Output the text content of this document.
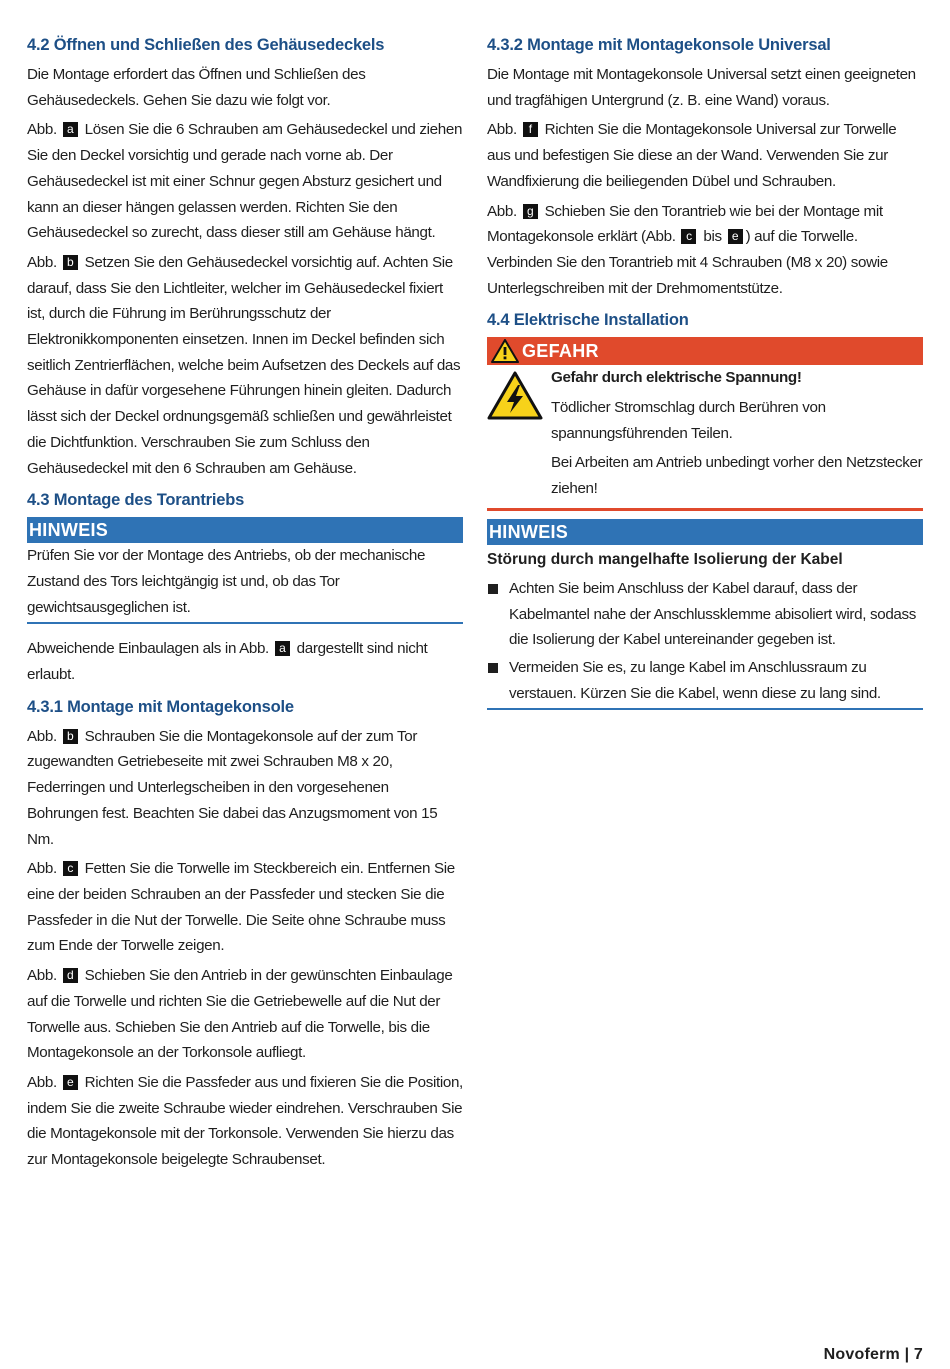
4.2 Öffnen und Schließen des Gehäusedeckels
Die Montage erfordert das Öffnen und Schließen des Gehäusedeckels. Gehen Sie dazu wie folgt vor.
Abb. a Lösen Sie die 6 Schrauben am Gehäusedeckel und ziehen Sie den Deckel vorsichtig und gerade nach vorne ab. Der Gehäusedeckel ist mit einer Schnur gegen Absturz gesichert und kann an dieser hängen gelassen werden. Richten Sie den Gehäusedeckel so zurecht, dass dieser still am Gehäuse hängt.
Abb. b Setzen Sie den Gehäusedeckel vorsichtig auf. Achten Sie darauf, dass Sie den Lichtleiter, welcher im Gehäusedeckel fixiert ist, durch die Führung im Berührungsschutz der Elektronikkomponenten einsetzen. Innen im Deckel befinden sich seitlich Zentrierflächen, welche beim Aufsetzen des Deckels auf das Gehäuse in dafür vorgesehene Führungen hinein gleiten. Dadurch lässt sich der Deckel ordnungsgemäß schließen und gewährleistet die Dichtfunktion. Verschrauben Sie zum Schluss den Gehäusedeckel mit den 6 Schrauben am Gehäuse.
4.3 Montage des Torantriebs
HINWEIS
Prüfen Sie vor der Montage des Antriebs, ob der mechanische Zustand des Tors leichtgängig ist und, ob das Tor gewichtsausgeglichen ist.
Abweichende Einbaulagen als in Abb. a dargestellt sind nicht erlaubt.
4.3.1 Montage mit Montagekonsole
Abb. b Schrauben Sie die Montagekonsole auf der zum Tor zugewandten Getriebeseite mit zwei Schrauben M8 x 20, Federringen und Unterlegscheiben in den vorgesehenen Bohrungen fest. Beachten Sie dabei das Anzugsmoment von 15 Nm.
Abb. c Fetten Sie die Torwelle im Steckbereich ein. Entfernen Sie eine der beiden Schrauben an der Passfeder und stecken Sie die Passfeder in die Nut der Torwelle. Die Seite ohne Schraube muss zum Ende der Torwelle zeigen.
Abb. d Schieben Sie den Antrieb in der gewünschten Einbaulage auf die Torwelle und richten Sie die Getriebewelle auf die Nut der Torwelle aus. Schieben Sie den Antrieb auf die Torwelle, bis die Montagekonsole an der Torkonsole aufliegt.
Abb. e Richten Sie die Passfeder aus und fixieren Sie die Position, indem Sie die zweite Schraube wieder eindrehen. Verschrauben Sie die Montagekonsole mit der Torkonsole. Verwenden Sie hierzu das zur Montagekonsole beigelegte Schraubenset.
4.3.2 Montage mit Montagekonsole Universal
Die Montage mit Montagekonsole Universal setzt einen geeigneten und tragfähigen Untergrund (z. B. eine Wand) voraus.
Abb. f Richten Sie die Montagekonsole Universal zur Torwelle aus und befestigen Sie diese an der Wand. Verwenden Sie zur Wandfixierung die beiliegenden Dübel und Schrauben.
Abb. g Schieben Sie den Torantrieb wie bei der Montage mit Montagekonsole erklärt (Abb. c bis e ) auf die Torwelle. Verbinden Sie den Torantrieb mit 4 Schrauben (M8 x 20) sowie Unterlegschreiben mit der Drehmomentstütze.
4.4 Elektrische Installation
GEFAHR
Gefahr durch elektrische Spannung!
Tödlicher Stromschlag durch Berühren von spannungsführenden Teilen.
Bei Arbeiten am Antrieb unbedingt vorher den Netzstecker ziehen!
HINWEIS
Störung durch mangelhafte Isolierung der Kabel
Achten Sie beim Anschluss der Kabel darauf, dass der Kabelmantel nahe der Anschlussklemme abisoliert wird, sodass die Isolierung der Kabel untereinander gegeben ist.
Vermeiden Sie es, zu lange Kabel im Anschlussraum zu verstauen. Kürzen Sie die Kabel, wenn diese zu lang sind.
Novoferm | 7
